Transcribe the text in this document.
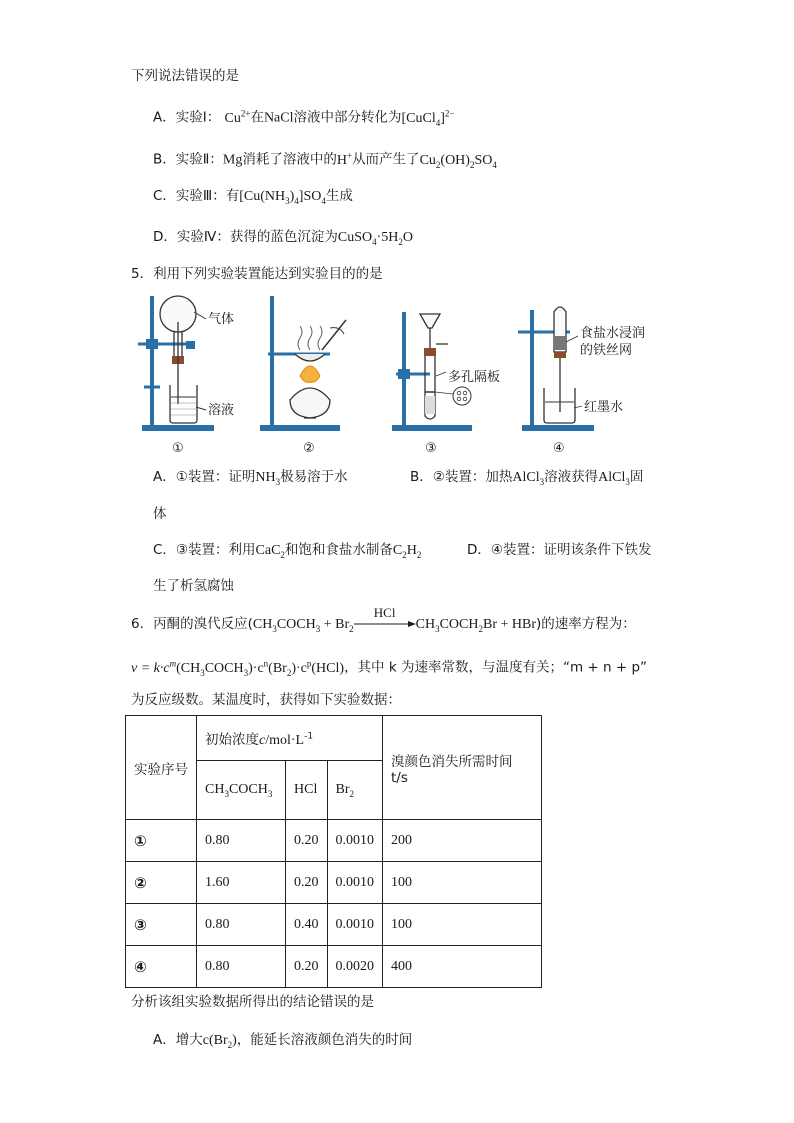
下列说法错误的是
A．实验Ⅰ： $Cu^{2+}$在NaCl溶液中部分转化为[CuCl$_4$]$^{2-}$
B．实验Ⅱ：Mg消耗了溶液中的H+从而产生了$Cu_2(OH)_2SO_4$
C．实验Ⅲ：有$[Cu(NH_3)_4]SO_4$生成
D．实验Ⅳ：获得的蓝色沉淀为$CuSO_4\cdot 5H_2O$
5．利用下列实验装置能达到实验目的的是
气体
溶液
多孔隔板
食盐水浸润
的铁丝网
红墨水
①	②	③	④
A．①装置：证明$NH_3$极易溶于水	B．②装置：加热AlCl$_3$溶液获得AlCl$_3$固
体
C．③装置：利用CaC$_2$和饱和食盐水制备$C_2H_2$	D．④装置：证明该条件下铁发
生了析氢腐蚀
6．丙酮的溴代反应($CH_3COCH_3 + Br_2$
HCl
$CH_3COCH_2Br + HBr$)的速率方程为：
$v = k\cdot c^m(CH_3COCH_3)\cdot c^n(Br_2)\cdot c^p(HCl)$，其中 k 为速率常数，与温度有关；“m + n + p”
为反应级数。某温度时，获得如下实验数据：
实验序号	初始浓度$c/mol\cdot L^{-1}$			溴颜色消失所需时间 t/s
	$CH_3COCH_3$	HCl	$Br_2$
①	0.80	0.20	0.0010	200
②	1.60	0.20	0.0010	100
③	0.80	0.40	0.0010	100
④	0.80	0.20	0.0020	400
分析该组实验数据所得出的结论错误的是
A．增大$c(Br_2)$，能延长溶液颜色消失的时间
